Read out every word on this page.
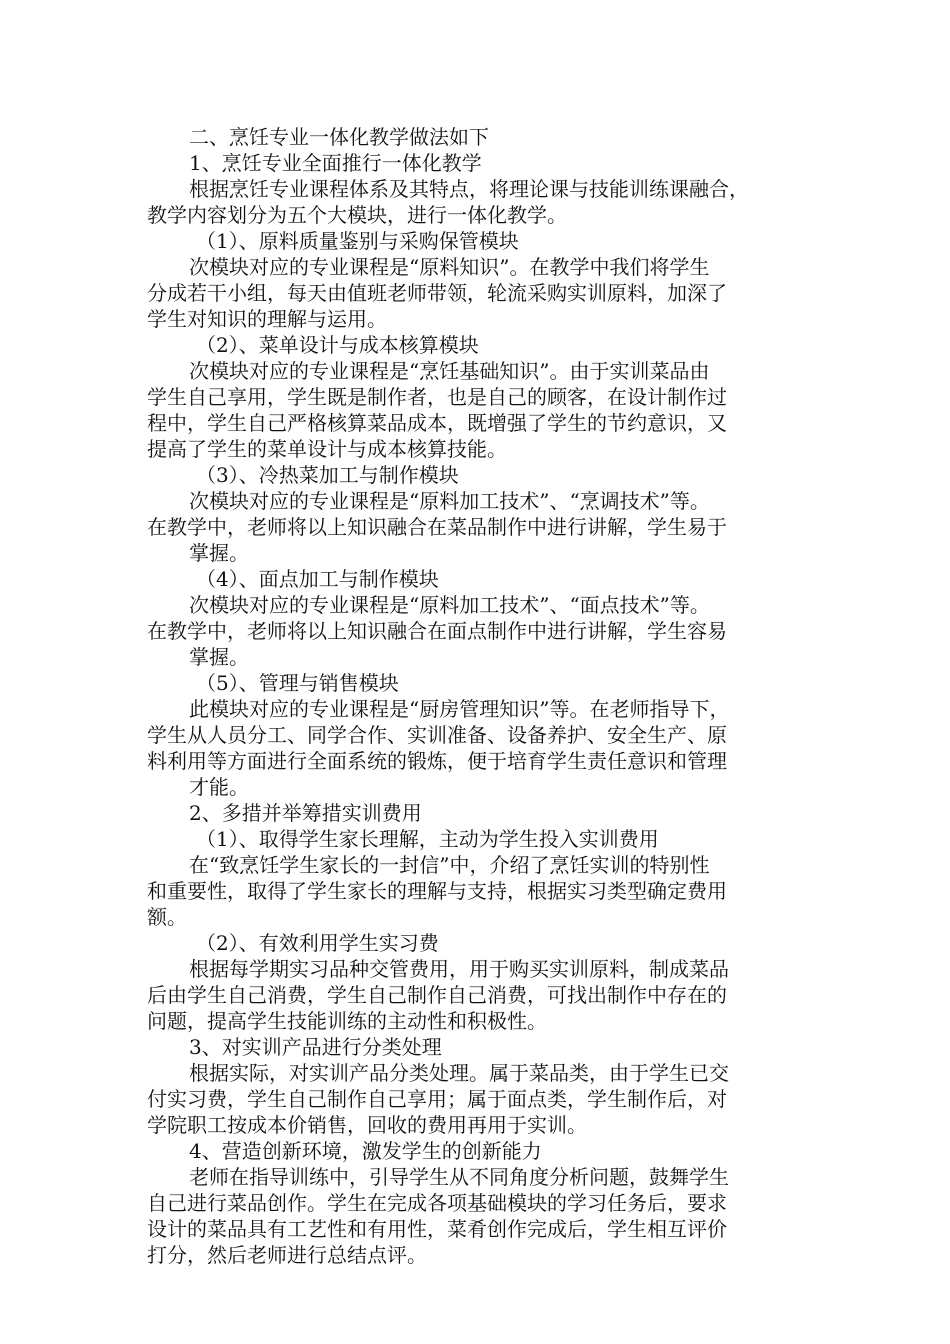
二、烹饪专业一体化教学做法如下
1、烹饪专业全面推行一体化教学
根据烹饪专业课程体系及其特点，将理论课与技能训练课融合，
教学内容划分为五个大模块，进行一体化教学。
（1）、原料质量鉴别与采购保管模块
次模块对应的专业课程是“原料知识”。在教学中我们将学生
分成若干小组，每天由值班老师带领，轮流采购实训原料，加深了
学生对知识的理解与运用。
（2）、菜单设计与成本核算模块
次模块对应的专业课程是“烹饪基础知识”。由于实训菜品由
学生自己享用，学生既是制作者，也是自己的顾客，在设计制作过
程中，学生自己严格核算菜品成本，既增强了学生的节约意识，又
提高了学生的菜单设计与成本核算技能。
（3）、冷热菜加工与制作模块
次模块对应的专业课程是“原料加工技术”、“烹调技术”等。
在教学中，老师将以上知识融合在菜品制作中进行讲解，学生易于
掌握。
（4）、面点加工与制作模块
次模块对应的专业课程是“原料加工技术”、“面点技术”等。
在教学中，老师将以上知识融合在面点制作中进行讲解，学生容易
掌握。
（5）、管理与销售模块
此模块对应的专业课程是“厨房管理知识”等。在老师指导下，
学生从人员分工、同学合作、实训准备、设备养护、安全生产、原
料利用等方面进行全面系统的锻炼，便于培育学生责任意识和管理
才能。
2、多措并举筹措实训费用
（1）、取得学生家长理解，主动为学生投入实训费用
在“致烹饪学生家长的一封信”中，介绍了烹饪实训的特别性
和重要性，取得了学生家长的理解与支持，根据实习类型确定费用
额。
（2）、有效利用学生实习费
根据每学期实习品种交管费用，用于购买实训原料，制成菜品
后由学生自己消费，学生自己制作自己消费，可找出制作中存在的
问题，提高学生技能训练的主动性和积极性。
3、对实训产品进行分类处理
根据实际，对实训产品分类处理。属于菜品类，由于学生已交
付实习费，学生自己制作自己享用；属于面点类，学生制作后，对
学院职工按成本价销售，回收的费用再用于实训。
4、营造创新环境，激发学生的创新能力
老师在指导训练中，引导学生从不同角度分析问题，鼓舞学生
自己进行菜品创作。学生在完成各项基础模块的学习任务后，要求
设计的菜品具有工艺性和有用性，菜肴创作完成后，学生相互评价
打分，然后老师进行总结点评。
